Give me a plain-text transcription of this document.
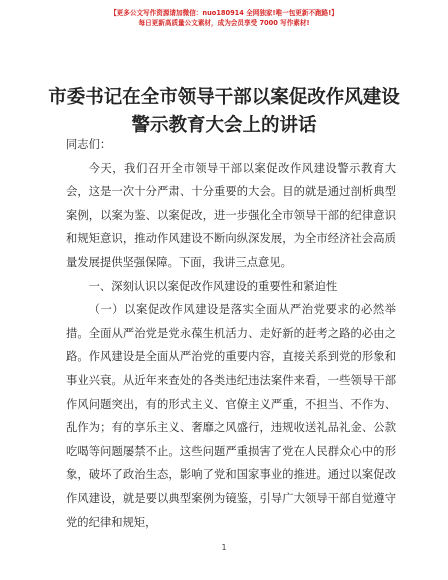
【更多公文写作资源请加微信：nuo180914 全网独家!唯一包更新不跑路!】
每日更新高质量公文素材，成为会员享受 7000 写作素材!
市委书记在全市领导干部以案促改作风建设警示教育大会上的讲话

同志们：

今天，我们召开全市领导干部以案促改作风建设警示教育大会，这是一次十分严肃、十分重要的大会。目的就是通过剖析典型案例，以案为鉴、以案促改，进一步强化全市领导干部的纪律意识和规矩意识，推动作风建设不断向纵深发展，为全市经济社会高质量发展提供坚强保障。下面，我讲三点意见。

一、深刻认识以案促改作风建设的重要性和紧迫性

（一）以案促改作风建设是落实全面从严治党要求的必然举措。全面从严治党是党永葆生机活力、走好新的赶考之路的必由之路。作风建设是全面从严治党的重要内容，直接关系到党的形象和事业兴衰。从近年来查处的各类违纪违法案件来看，一些领导干部作风问题突出，有的形式主义、官僚主义严重，不担当、不作为、乱作为；有的享乐主义、奢靡之风盛行，违规收送礼品礼金、公款吃喝等问题屡禁不止。这些问题严重损害了党在人民群众心中的形象，破坏了政治生态，影响了党和国家事业的推进。通过以案促改作风建设，就是要以典型案例为镜鉴，引导广大领导干部自觉遵守党的纪律和规矩，

1
